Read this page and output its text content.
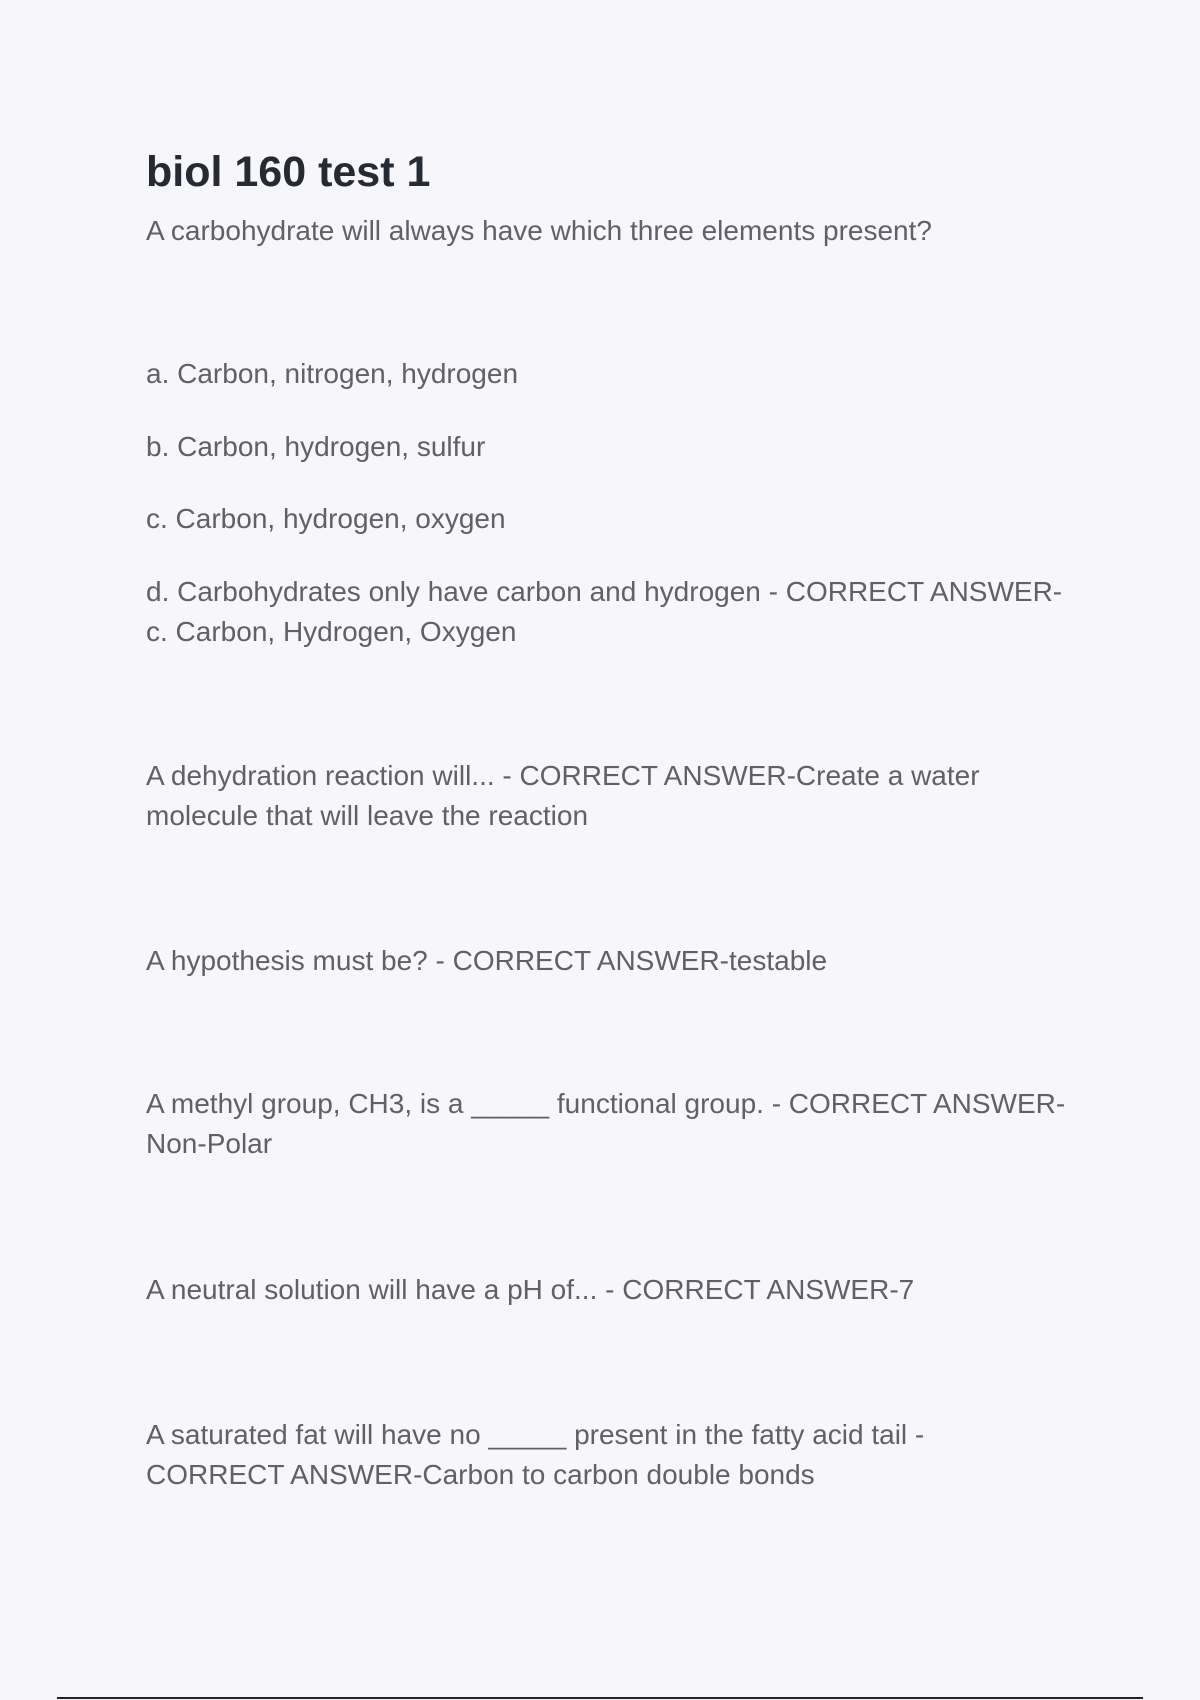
biol 160 test 1

A carbohydrate will always have which three elements present?

a. Carbon, nitrogen, hydrogen

b. Carbon, hydrogen, sulfur

c. Carbon, hydrogen, oxygen

d. Carbohydrates only have carbon and hydrogen - CORRECT ANSWER-c. Carbon, Hydrogen, Oxygen

A dehydration reaction will... - CORRECT ANSWER-Create a water molecule that will leave the reaction

A hypothesis must be? - CORRECT ANSWER-testable

A methyl group, CH3, is a _____ functional group. - CORRECT ANSWER-Non-Polar

A neutral solution will have a pH of... - CORRECT ANSWER-7

A saturated fat will have no _____ present in the fatty acid tail - CORRECT ANSWER-Carbon to carbon double bonds
